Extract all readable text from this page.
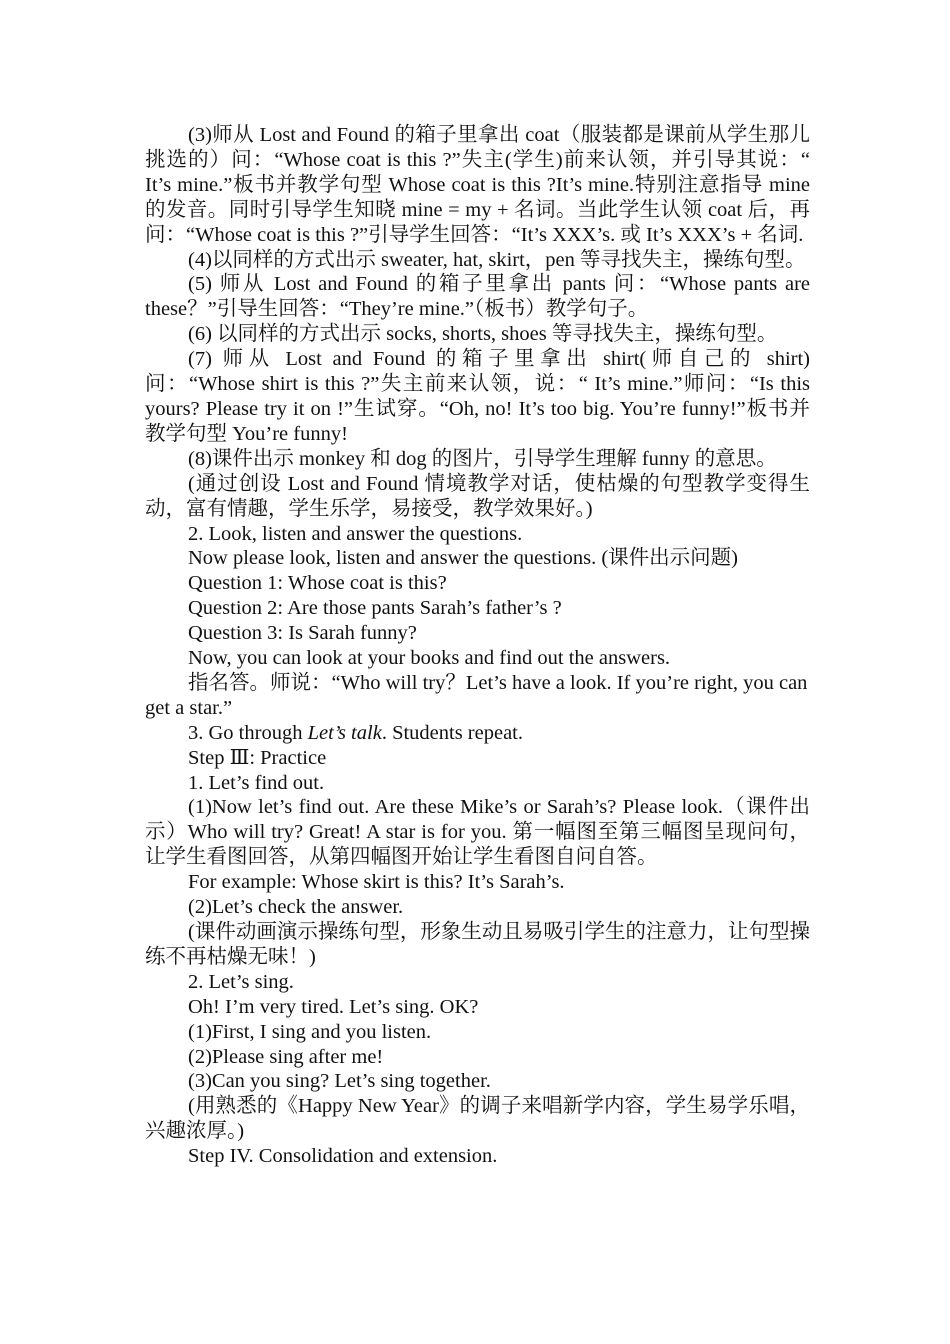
(3)师从 Lost and Found 的箱子里拿出 coat（服装都是课前从学生那儿挑选的）问：“Whose coat is this ?”失主(学生)前来认领，并引导其说：“ It’s mine.”板书并教学句型 Whose coat is this ?It’s mine.特别注意指导 mine 的发音。同时引导学生知晓 mine = my + 名词。当此学生认领 coat 后，再问：“Whose coat is this ?”引导学生回答：“It’s XXX’s. 或 It’s XXX’s + 名词.

(4)以同样的方式出示 sweater, hat, skirt，pen 等寻找失主，操练句型。

(5) 师从 Lost and Found 的箱子里拿出 pants 问：“Whose pants are these？”引导生回答：“They’re mine.”（板书）教学句子。

(6) 以同样的方式出示 socks, shorts, shoes 等寻找失主，操练句型。

(7) 师从 Lost and Found 的箱子里拿出 shirt(师自己的 shirt) 问：“Whose shirt is this ?”失主前来认领，说：“ It’s mine.”师问：“Is this yours? Please try it on !”生试穿。“Oh, no! It’s too big. You’re funny!”板书并教学句型 You’re funny!

(8)课件出示 monkey 和 dog 的图片，引导学生理解 funny 的意思。

(通过创设 Lost and Found 情境教学对话，使枯燥的句型教学变得生动，富有情趣，学生乐学，易接受，教学效果好。)

2. Look, listen and answer the questions.

Now please look, listen and answer the questions. (课件出示问题)

Question 1: Whose coat is this?

Question 2: Are those pants Sarah’s father’s ?

Question 3: Is Sarah funny?

Now, you can look at your books and find out the answers.

指名答。师说：“Who will try？Let’s have a look. If you’re right, you can get a star.”

3. Go through Let’s talk. Students repeat.

Step Ⅲ: Practice

1. Let’s find out.

(1)Now let’s find out. Are these Mike’s or Sarah’s? Please look.（课件出示）Who will try? Great! A star is for you. 第一幅图至第三幅图呈现问句，让学生看图回答，从第四幅图开始让学生看图自问自答。

For example: Whose skirt is this? It’s Sarah’s.

(2)Let’s check the answer.

(课件动画演示操练句型，形象生动且易吸引学生的注意力，让句型操练不再枯燥无味！)

2. Let’s sing.

Oh! I’m very tired. Let’s sing. OK?

(1)First, I sing and you listen.

(2)Please sing after me!

(3)Can you sing? Let’s sing together.

(用熟悉的《Happy New Year》的调子来唱新学内容，学生易学乐唱，兴趣浓厚。)

Step IV. Consolidation and extension.
